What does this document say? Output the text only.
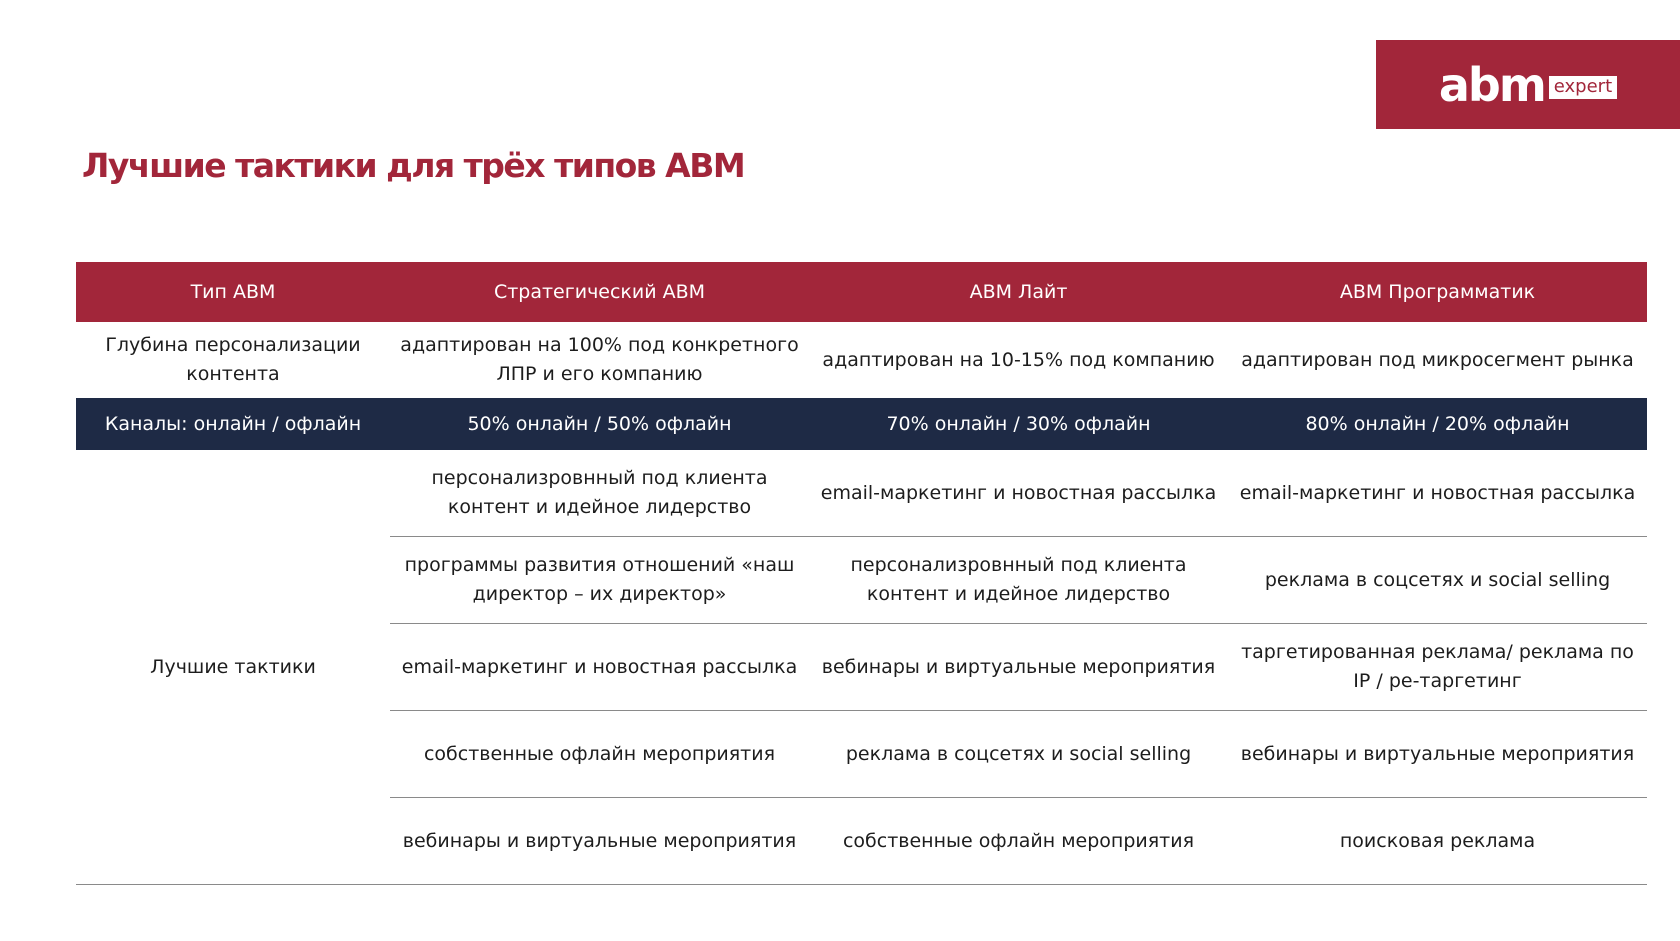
abm expert
Лучшие тактики для трёх типов ABM
Тип ABM	Стратегический ABM	ABM Лайт	ABM Программатик
Глубина персонализации контента	адаптирован на 100% под конкретного ЛПР и его компанию	адаптирован на 10-15% под компанию	адаптирован под микросегмент рынка
Каналы: онлайн / офлайн	50% онлайн / 50% офлайн	70% онлайн / 30% офлайн	80% онлайн / 20% офлайн
Лучшие тактики	персонализровнный под клиента контент и идейное лидерство	email-маркетинг и новостная рассылка	email-маркетинг и новостная рассылка
	программы развития отношений «наш директор – их директор»	персонализровнный под клиента контент и идейное лидерство	реклама в соцсетях и social selling
	email-маркетинг и новостная рассылка	вебинары и виртуальные мероприятия	таргетированная реклама/ реклама по IP / ре-таргетинг
	собственные офлайн мероприятия	реклама в соцсетях и social selling	вебинары и виртуальные мероприятия
	вебинары и виртуальные мероприятия	собственные офлайн мероприятия	поисковая реклама
